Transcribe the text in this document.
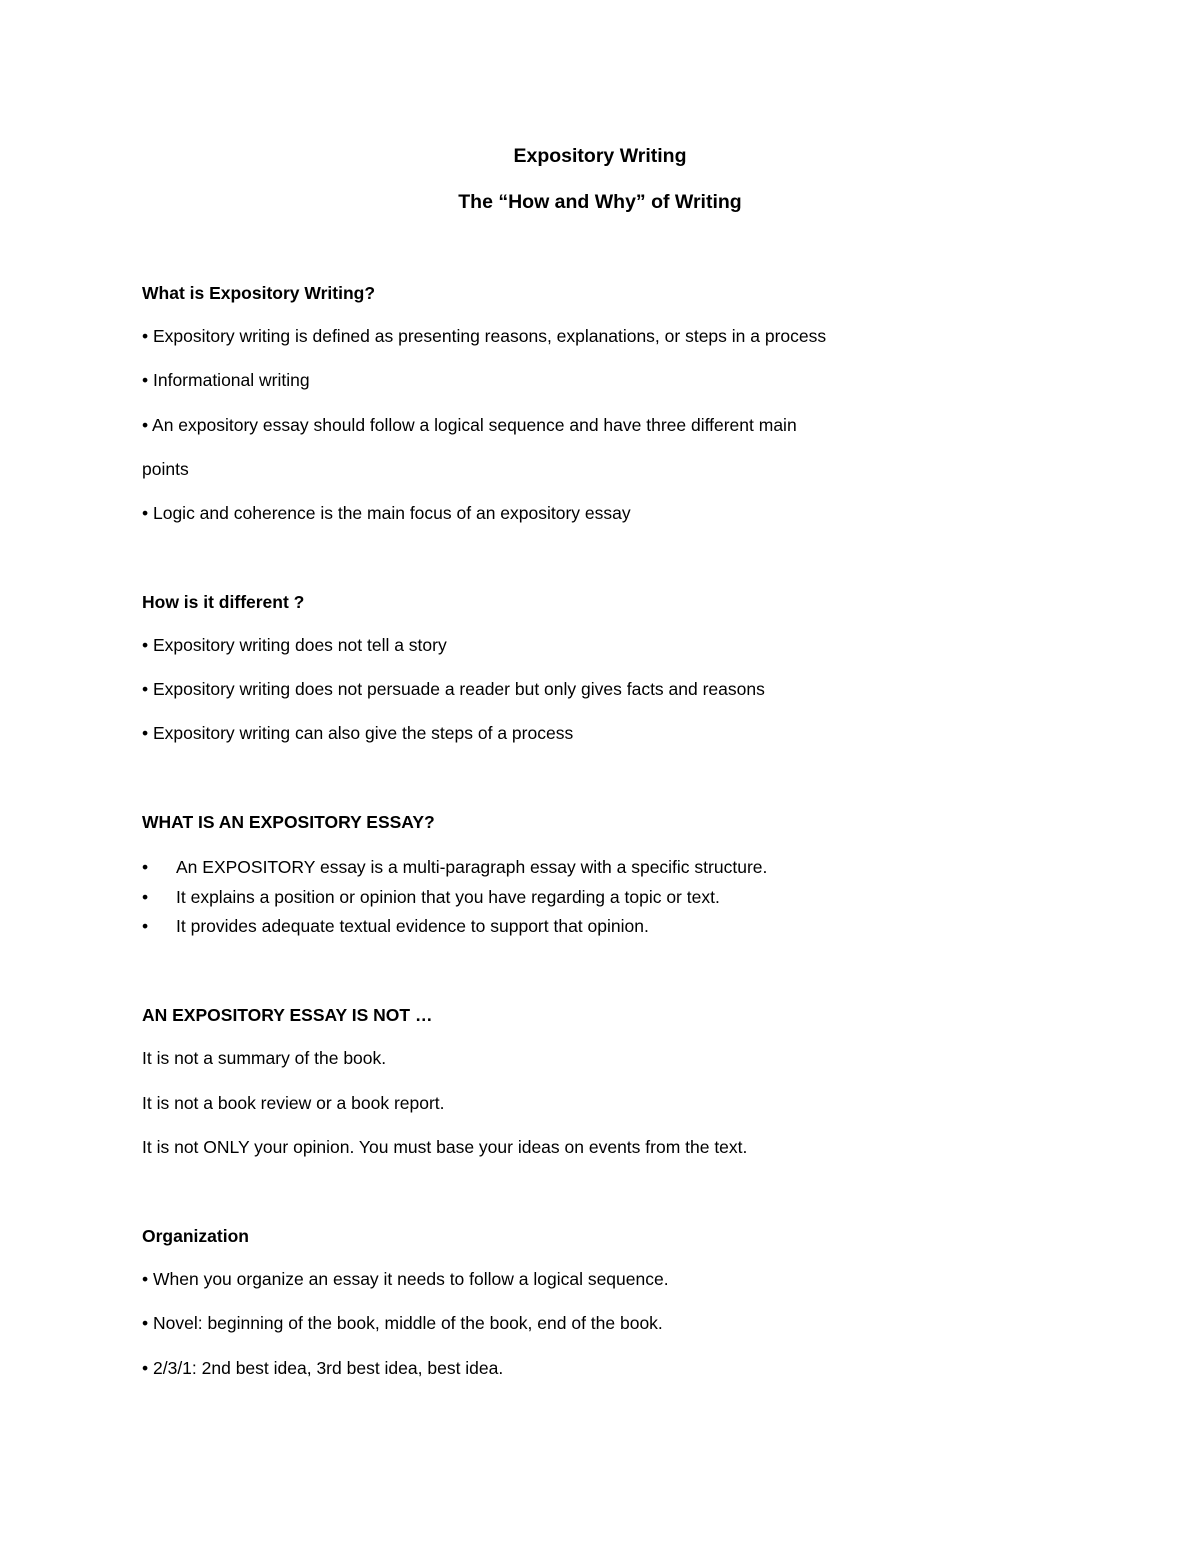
Expository Writing

The “How and Why” of Writing

What is Expository Writing?

• Expository writing is defined as presenting reasons, explanations, or steps in a process

• Informational writing

• An expository essay should follow a logical sequence and have three different main

points

• Logic and coherence is the main focus of an expository essay

How is it different ?

• Expository writing does not tell a story

• Expository writing does not persuade a reader but only gives facts and reasons

• Expository writing can also give the steps of a process

WHAT IS AN EXPOSITORY ESSAY?

• An EXPOSITORY essay is a multi-paragraph essay with a specific structure.
• It explains a position or opinion that you have regarding a topic or text.
• It provides adequate textual evidence to support that opinion.

AN EXPOSITORY ESSAY IS NOT …

It is not a summary of the book.

It is not a book review or a book report.

It is not ONLY your opinion. You must base your ideas on events from the text.

Organization

• When you organize an essay it needs to follow a logical sequence.

• Novel: beginning of the book, middle of the book, end of the book.

• 2/3/1: 2nd best idea, 3rd best idea, best idea.
